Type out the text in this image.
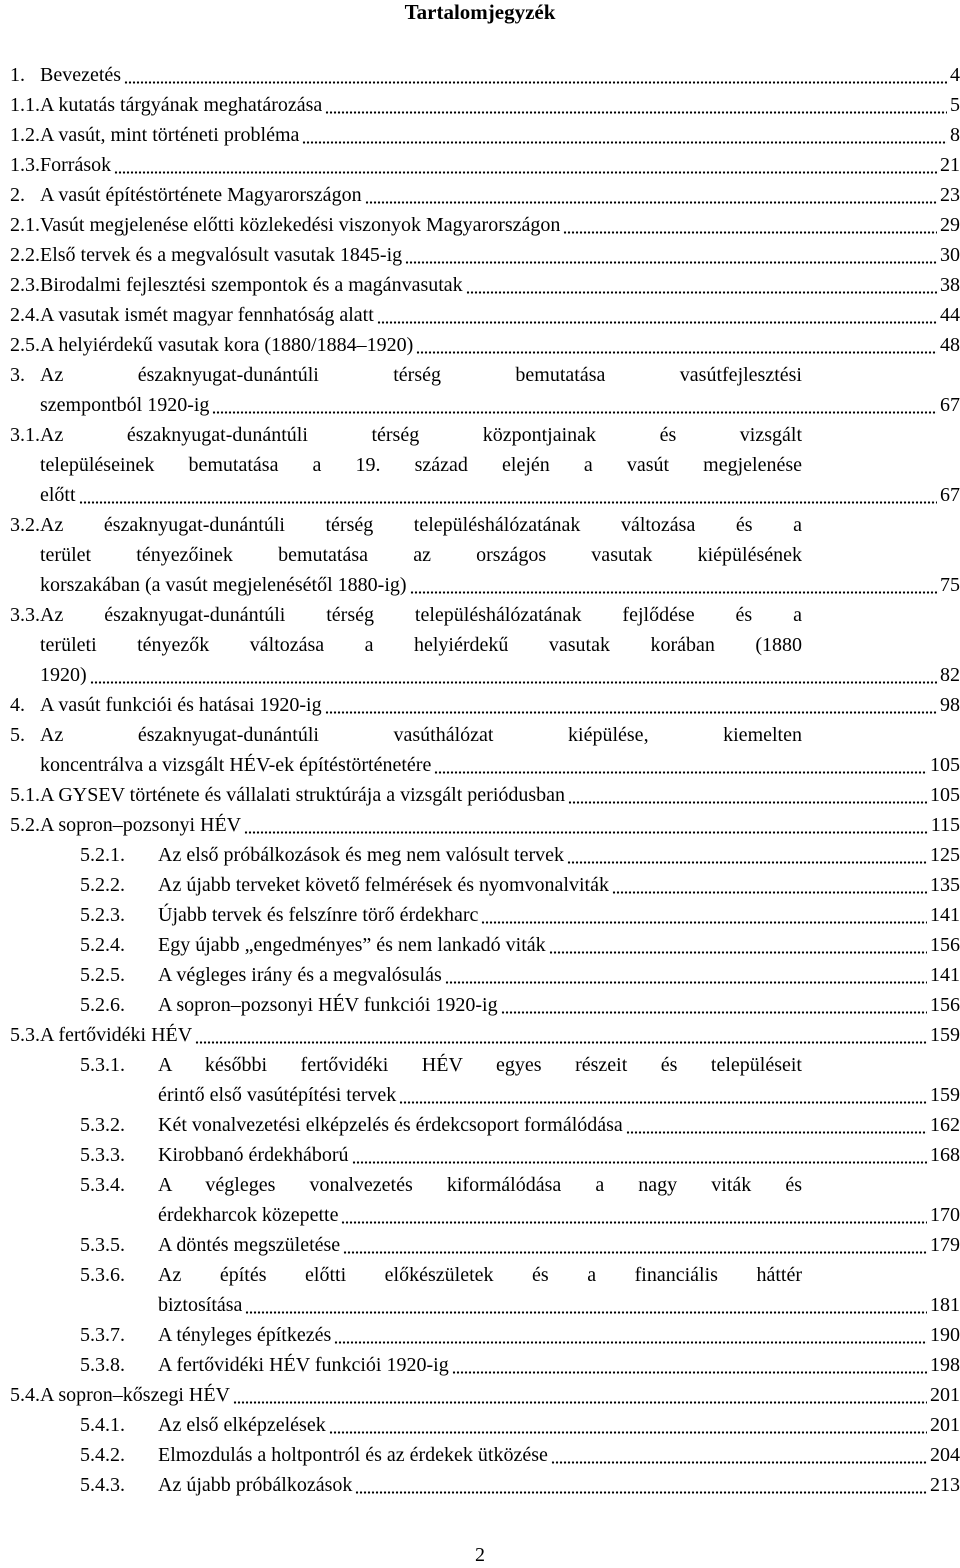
Tartalomjegyzék
1. Bevezetés	4
1.1. A kutatás tárgyának meghatározása	5
1.2. A vasút, mint történeti probléma	8
1.3. Források	21
2. A vasút építéstörténete Magyarországon	23
2.1. Vasút megjelenése előtti közlekedési viszonyok Magyarországon	29
2.2. Első tervek és a megvalósult vasutak 1845-ig	30
2.3. Birodalmi fejlesztési szempontok és a magánvasutak	38
2.4. A vasutak ismét magyar fennhatóság alatt	44
2.5. A helyiérdekű vasutak kora (1880/1884–1920)	48
3. Az északnyugat-dunántúli térség bemutatása vasútfejlesztési
szempontból 1920-ig	67
3.1. Az északnyugat-dunántúli térség központjainak és vizsgált
településeinek bemutatása a 19. század elején a vasút megjelenése
előtt	67
3.2. Az északnyugat-dunántúli térség településhálózatának változása és a
terület tényezőinek bemutatása az országos vasutak kiépülésének
korszakában (a vasút megjelenésétől 1880-ig)	75
3.3. Az északnyugat-dunántúli térség településhálózatának fejlődése és a
területi tényezők változása a helyiérdekű vasutak korában (1880
1920)	82
4. A vasút funkciói és hatásai 1920-ig	98
5. Az északnyugat-dunántúli vasúthálózat kiépülése, kiemelten
koncentrálva a vizsgált HÉV-ek építéstörténetére	105
5.1. A GYSEV története és vállalati struktúrája a vizsgált periódusban	105
5.2. A sopron–pozsonyi HÉV	115
5.2.1. Az első próbálkozások és meg nem valósult tervek	125
5.2.2. Az újabb terveket követő felmérések és nyomvonalviták	135
5.2.3. Újabb tervek és felszínre törő érdekharc	141
5.2.4. Egy újabb „engedményes” és nem lankadó viták	156
5.2.5. A végleges irány és a megvalósulás	141
5.2.6. A sopron–pozsonyi HÉV funkciói 1920-ig	156
5.3. A fertővidéki HÉV	159
5.3.1. A későbbi fertővidéki HÉV egyes részeit és településeit
érintő első vasútépítési tervek	159
5.3.2. Két vonalvezetési elképzelés és érdekcsoport formálódása	162
5.3.3. Kirobbanó érdekháború	168
5.3.4. A végleges vonalvezetés kiformálódása a nagy viták és
érdekharcok közepette	170
5.3.5. A döntés megszületése	179
5.3.6. Az építés előtti előkészületek és a financiális háttér
biztosítása	181
5.3.7. A tényleges építkezés	190
5.3.8. A fertővidéki HÉV funkciói 1920-ig	198
5.4. A sopron–kőszegi HÉV	201
5.4.1. Az első elképzelések	201
5.4.2. Elmozdulás a holtpontról és az érdekek ütközése	204
5.4.3. Az újabb próbálkozások	213
2
